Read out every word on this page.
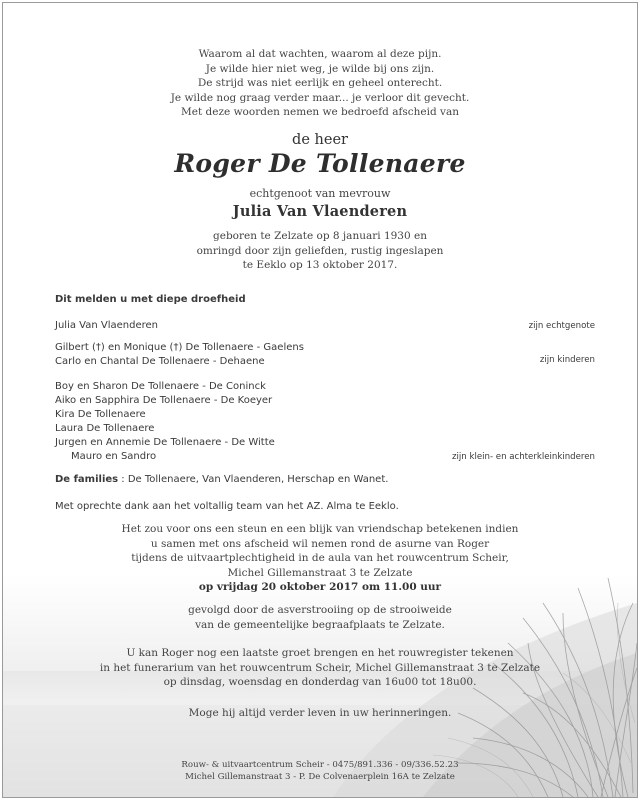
Waarom al dat wachten, waarom al deze pijn.
Je wilde hier niet weg, je wilde bij ons zijn.
De strijd was niet eerlijk en geheel onterecht.
Je wilde nog graag verder maar... je verloor dit gevecht.
Met deze woorden nemen we bedroefd afscheid van
de heer
Roger De Tollenaere
echtgenoot van mevrouw
Julia Van Vlaenderen
geboren te Zelzate op 8 januari 1930 en
omringd door zijn geliefden, rustig ingeslapen
te Eeklo op 13 oktober 2017.
Dit melden u met diepe droefheid
Julia Van Vlaenderen
Gilbert (†) en Monique (†) De Tollenaere - Gaelens
Carlo en Chantal De Tollenaere - Dehaene
Boy en Sharon De Tollenaere - De Coninck
Aiko en Sapphira De Tollenaere - De Koeyer
Kira De Tollenaere
Laura De Tollenaere
Jurgen en Annemie De Tollenaere - De Witte
Mauro en Sandro
zijn echtgenote
zijn kinderen
zijn klein- en achterkleinkinderen
De families : De Tollenaere, Van Vlaenderen, Herschap en Wanet.
Met oprechte dank aan het voltallig team van het AZ. Alma te Eeklo.
Het zou voor ons een steun en een blijk van vriendschap betekenen indien
u samen met ons afscheid wil nemen rond de asurne van Roger
tijdens de uitvaartplechtigheid in de aula van het rouwcentrum Scheir,
Michel Gillemanstraat 3 te Zelzate
op vrijdag 20 oktober 2017 om 11.00 uur
gevolgd door de asverstrooiing op de strooiweide
van de gemeentelijke begraafplaats te Zelzate.
U kan Roger nog een laatste groet brengen en het rouwregister tekenen
in het funerarium van het rouwcentrum Scheir, Michel Gillemanstraat 3 te Zelzate
op dinsdag, woensdag en donderdag van 16u00 tot 18u00.
Moge hij altijd verder leven in uw herinneringen.
Rouw- & uitvaartcentrum Scheir - 0475/891.336 - 09/336.52.23
Michel Gillemanstraat 3 - P. De Colvenaerplein 16A te Zelzate
